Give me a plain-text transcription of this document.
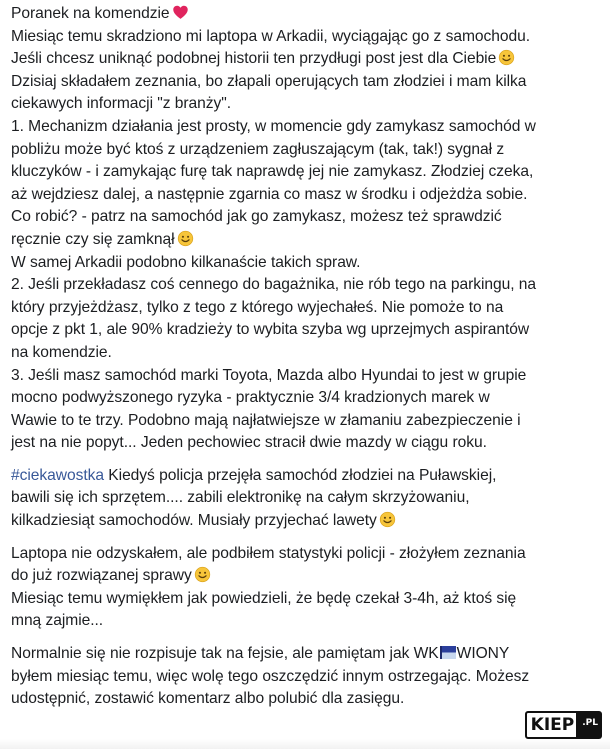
Poranek na komendzie
Miesiąc temu skradziono mi laptopa w Arkadii, wyciągając go z samochodu.
Jeśli chcesz uniknąć podobnej historii ten przydługi post jest dla Ciebie
Dzisiaj składałem zeznania, bo złapali operujących tam złodziei i mam kilka
ciekawych informacji "z branży".
1. Mechanizm działania jest prosty, w momencie gdy zamykasz samochód w
pobliżu może być ktoś z urządzeniem zagłuszającym (tak, tak!) sygnał z
kluczyków - i zamykając furę tak naprawdę jej nie zamykasz. Złodziej czeka,
aż wejdziesz dalej, a następnie zgarnia co masz w środku i odjeżdża sobie.
Co robić? - patrz na samochód jak go zamykasz, możesz też sprawdzić
ręcznie czy się zamknął
W samej Arkadii podobno kilkanaście takich spraw.
2. Jeśli przekładasz coś cennego do bagażnika, nie rób tego na parkingu, na
który przyjeżdżasz, tylko z tego z którego wyjechałeś. Nie pomoże to na
opcje z pkt 1, ale 90% kradzieży to wybita szyba wg uprzejmych aspirantów
na komendzie.
3. Jeśli masz samochód marki Toyota, Mazda albo Hyundai to jest w grupie
mocno podwyższonego ryzyka - praktycznie 3/4 kradzionych marek w
Wawie to te trzy. Podobno mają najłatwiejsze w złamaniu zabezpieczenie i
jest na nie popyt... Jeden pechowiec stracił dwie mazdy w ciągu roku.
#ciekawostka Kiedyś policja przejęła samochód złodziei na Puławskiej,
bawili się ich sprzętem.... zabili elektronikę na całym skrzyżowaniu,
kilkadziesiąt samochodów. Musiały przyjechać lawety
Laptopa nie odzyskałem, ale podbiłem statystyki policji - złożyłem zeznania
do już rozwiązanej sprawy
Miesiąc temu wymiękłem jak powiedzieli, że będę czekał 3-4h, aż ktoś się
mną zajmie...
Normalnie się nie rozpisuje tak na fejsie, ale pamiętam jak WK WIONY
byłem miesiąc temu, więc wolę tego oszczędzić innym ostrzegając. Możesz
udostępnić, zostawić komentarz albo polubić dla zasięgu.
KIEP .PL
